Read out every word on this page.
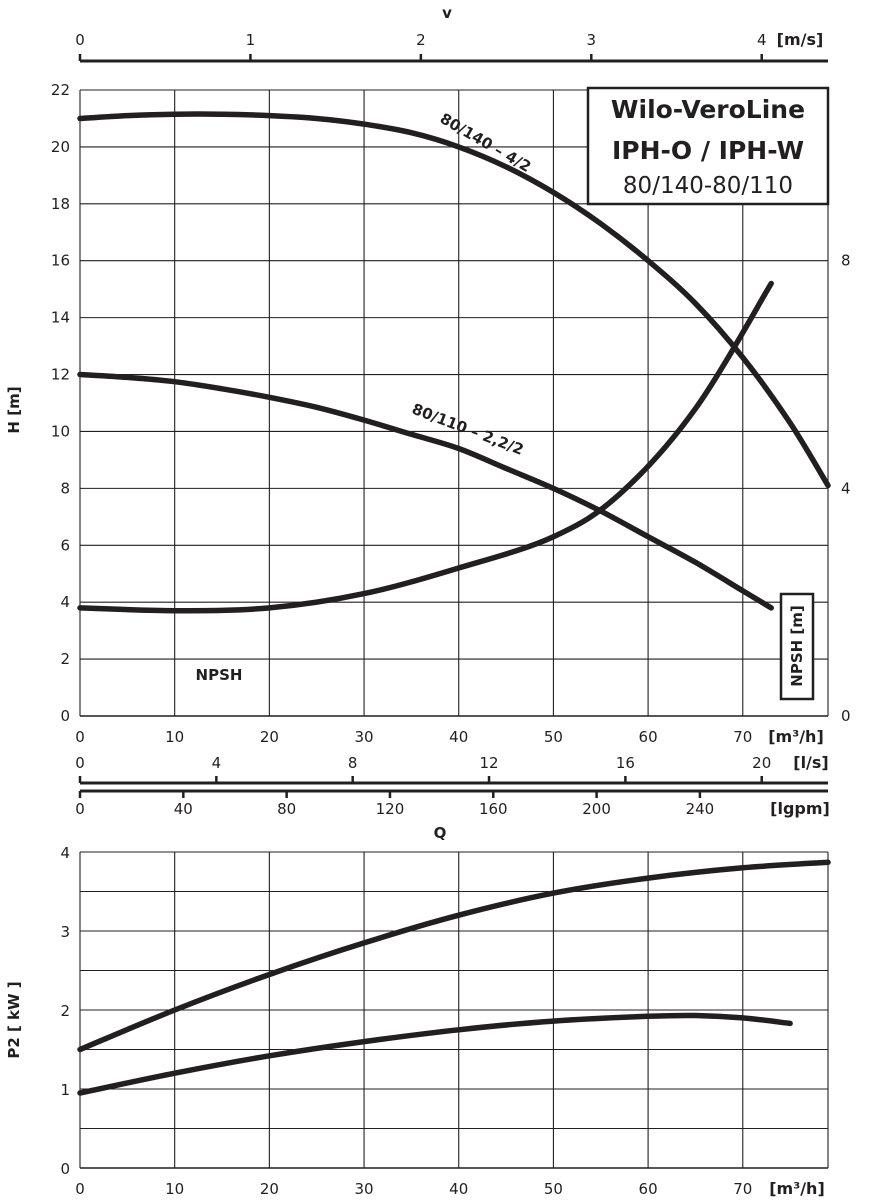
0
2
4
6
8
10
12
14
16
18
20
22
0	10	20	30	40	50	60	70
0
4
8
0	1	2	3	4
0	4	8	12	16	20
0	40	80	120	160	200	240
H [m]
Q
v
[m³/h]
[m/s]
[l/s]
[lgpm]
NPSH [m]
80/140 – 4/2
80/110 – 2,2/2
NPSH
Wilo-VeroLine
IPH-O / IPH-W
80/140-80/110
0
1
2
3
4
0	10	20	30	40	50	60	70
P2 [ kW ]
[m³/h]
